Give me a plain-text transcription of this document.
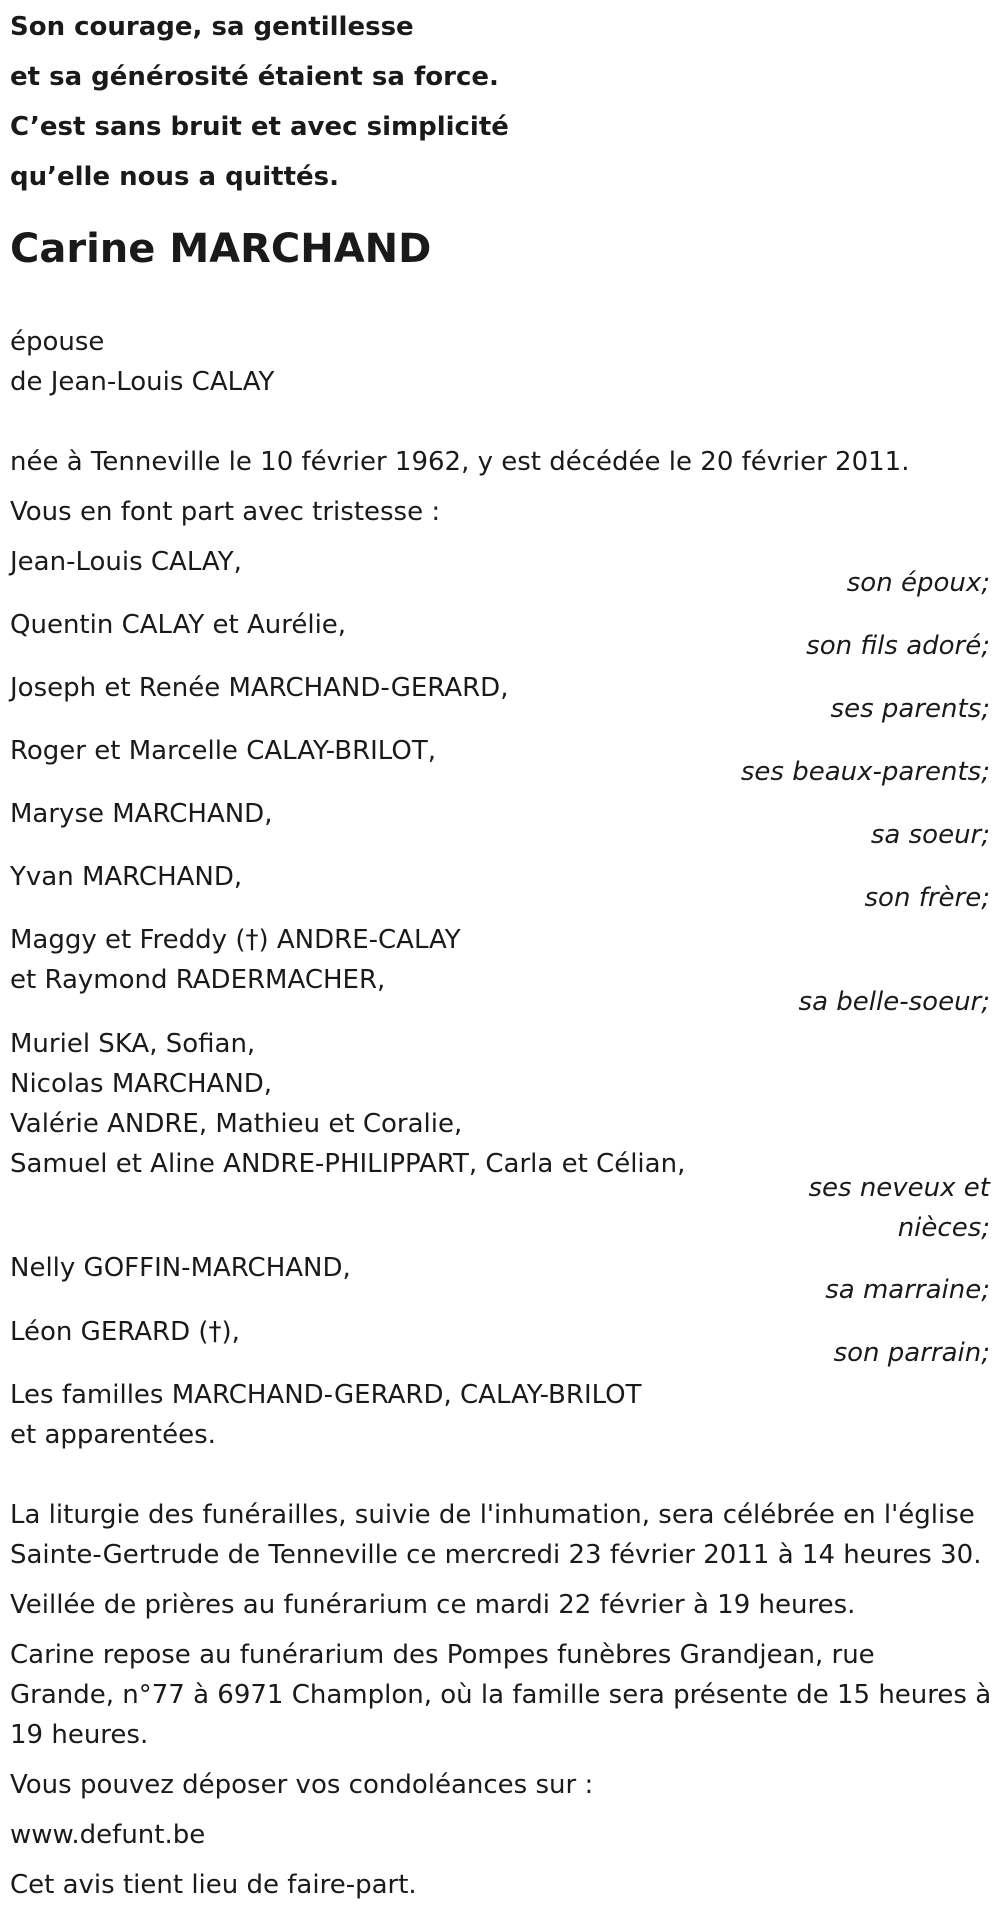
Son courage, sa gentillesse
et sa générosité étaient sa force.
C’est sans bruit et avec simplicité
qu’elle nous a quittés.
Carine MARCHAND
épouse
de Jean-Louis CALAY
née à Tenneville le 10 février 1962, y est décédée le 20 février 2011.
Vous en font part avec tristesse :
Jean-Louis CALAY,
son époux;
Quentin CALAY et Aurélie,
son fils adoré;
Joseph et Renée MARCHAND-GERARD,
ses parents;
Roger et Marcelle CALAY-BRILOT,
ses beaux-parents;
Maryse MARCHAND,
sa soeur;
Yvan MARCHAND,
son frère;
Maggy et Freddy (†) ANDRE-CALAY
et Raymond RADERMACHER,
sa belle-soeur;
Muriel SKA, Sofian,
Nicolas MARCHAND,
Valérie ANDRE, Mathieu et Coralie,
Samuel et Aline ANDRE-PHILIPPART, Carla et Célian,
ses neveux et
nièces;
Nelly GOFFIN-MARCHAND,
sa marraine;
Léon GERARD (†),
son parrain;
Les familles MARCHAND-GERARD, CALAY-BRILOT
et apparentées.
La liturgie des funérailles, suivie de l'inhumation, sera célébrée en l'église
Sainte-Gertrude de Tenneville ce mercredi 23 février 2011 à 14 heures 30.
Veillée de prières au funérarium ce mardi 22 février à 19 heures.
Carine repose au funérarium des Pompes funèbres Grandjean, rue
Grande, n°77 à 6971 Champlon, où la famille sera présente de 15 heures à
19 heures.
Vous pouvez déposer vos condoléances sur :
www.defunt.be
Cet avis tient lieu de faire-part.
